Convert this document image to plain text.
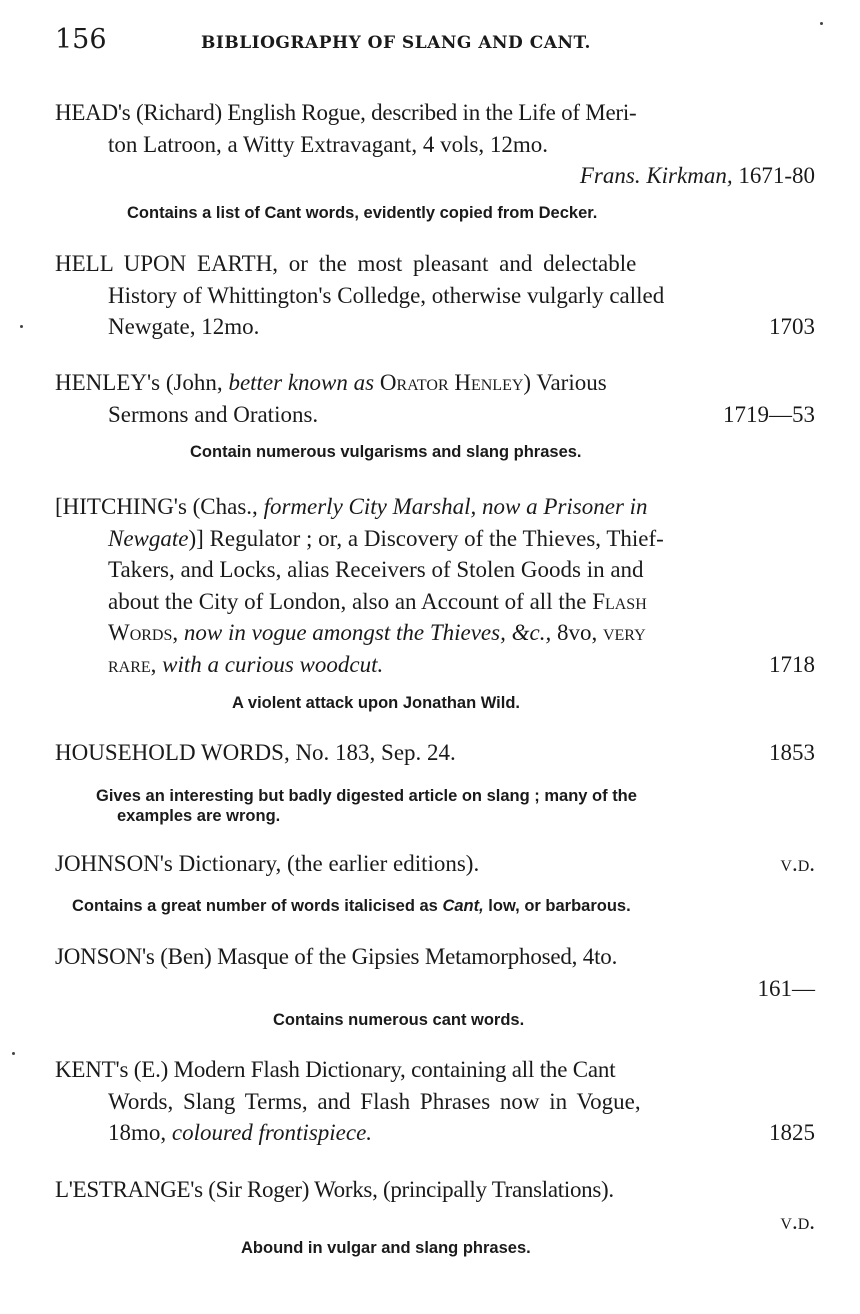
156	BIBLIOGRAPHY OF SLANG AND CANT.
HEAD's (Richard) English Rogue, described in the Life of Meri-
ton Latroon, a Witty Extravagant, 4 vols, 12mo.
Frans. Kirkman, 1671-80
Contains a list of Cant words, evidently copied from Decker.
HELL UPON EARTH, or the most pleasant and delectable
History of Whittington's Colledge, otherwise vulgarly called
Newgate, 12mo.	1703
HENLEY's (John, better known as Orator Henley) Various
Sermons and Orations.	1719—53
Contain numerous vulgarisms and slang phrases.
[HITCHING's (Chas., formerly City Marshal, now a Prisoner in
Newgate)] Regulator ; or, a Discovery of the Thieves, Thief-
Takers, and Locks, alias Receivers of Stolen Goods in and
about the City of London, also an Account of all the Flash
Words, now in vogue amongst the Thieves, &c., 8vo, very
rare, with a curious woodcut.	1718
A violent attack upon Jonathan Wild.
HOUSEHOLD WORDS, No. 183, Sep. 24.	1853
Gives an interesting but badly digested article on slang ; many of the
examples are wrong.
JOHNSON's Dictionary, (the earlier editions).	v.d.
Contains a great number of words italicised as Cant, low, or barbarous.
JONSON's (Ben) Masque of the Gipsies Metamorphosed, 4to.
161—
Contains numerous cant words.
KENT's (E.) Modern Flash Dictionary, containing all the Cant
Words, Slang Terms, and Flash Phrases now in Vogue,
18mo, coloured frontispiece.	1825
L'ESTRANGE's (Sir Roger) Works, (principally Translations).
v.d.
Abound in vulgar and slang phrases.
